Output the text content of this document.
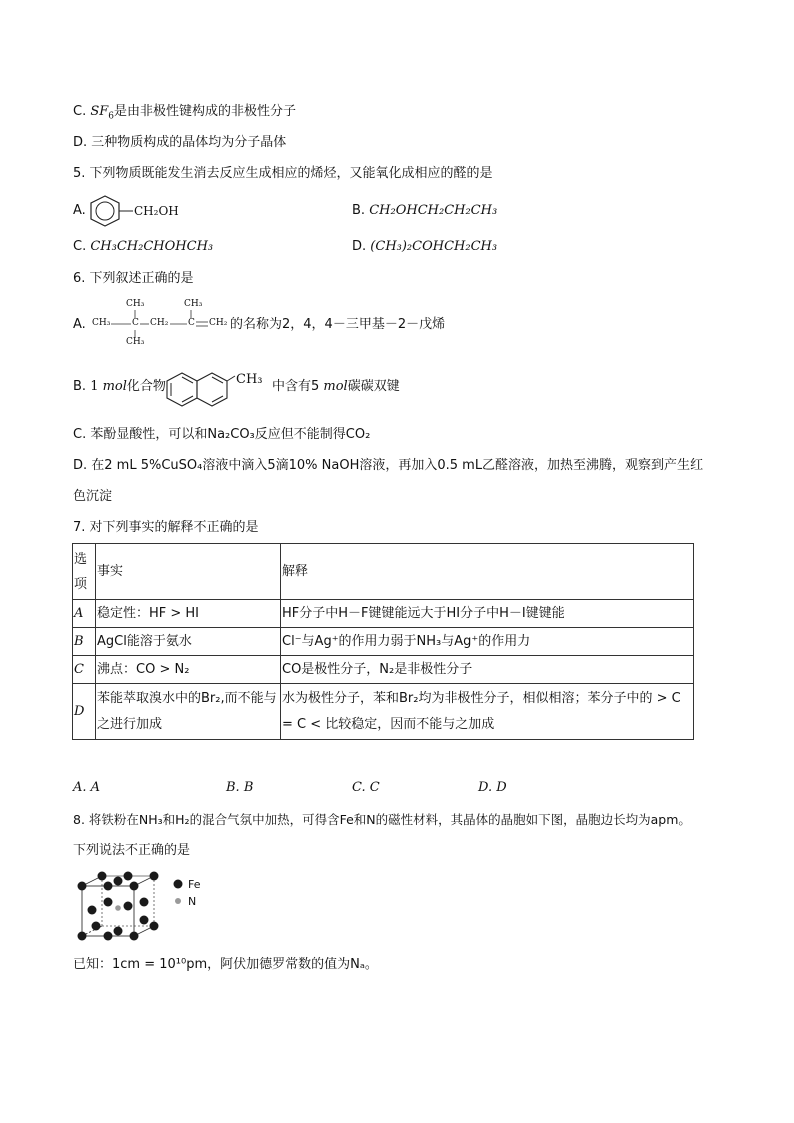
C. $SF_6$是由非极性键构成的非极性分子
D. 三种物质构成的晶体均为分子晶体
5. 下列物质既能发生消去反应生成相应的烯烃，又能氧化成相应的醛的是
A.	CH₂OH	B. CH₂OHCH₂CH₂CH₃
C. CH₃CH₂CHOHCH₃	D. (CH₃)₂COHCH₂CH₃
6. 下列叙述正确的是
A.
CH₃	CH₃
CH₃ C CH₂ C CH₂
CH₃
的名称为2，4，4－三甲基－2－戊烯
B. 1 mol化合物	CH₃ 中含有5 mol碳碳双键
C. 苯酚显酸性，可以和Na₂CO₃反应但不能制得CO₂
D. 在2 mL 5%CuSO₄溶液中滴入5滴10% NaOH溶液，再加入0.5 mL乙醛溶液，加热至沸腾，观察到产生红
色沉淀
7. 对下列事实的解释不正确的是
选项	事实	解释
A	稳定性：HF > HI	HF分子中H－F键键能远大于HI分子中H－I键键能
B	AgCl能溶于氨水	Cl⁻与Ag⁺的作用力弱于NH₃与Ag⁺的作用力
C	沸点：CO > N₂	CO是极性分子，N₂是非极性分子
D	苯能萃取溴水中的Br₂,而不能与之进行加成	水为极性分子，苯和Br₂均为非极性分子，相似相溶；苯分子中的 > C = C < 比较稳定，因而不能与之加成
A. A	B. B	C. C	D. D
8. 将铁粉在NH₃和H₂的混合气氛中加热，可得含Fe和N的磁性材料，其晶体的晶胞如下图，晶胞边长均为apm。
下列说法不正确的是
Fe
N
已知：1cm = 10¹⁰pm，阿伏加德罗常数的值为Nₐ。
